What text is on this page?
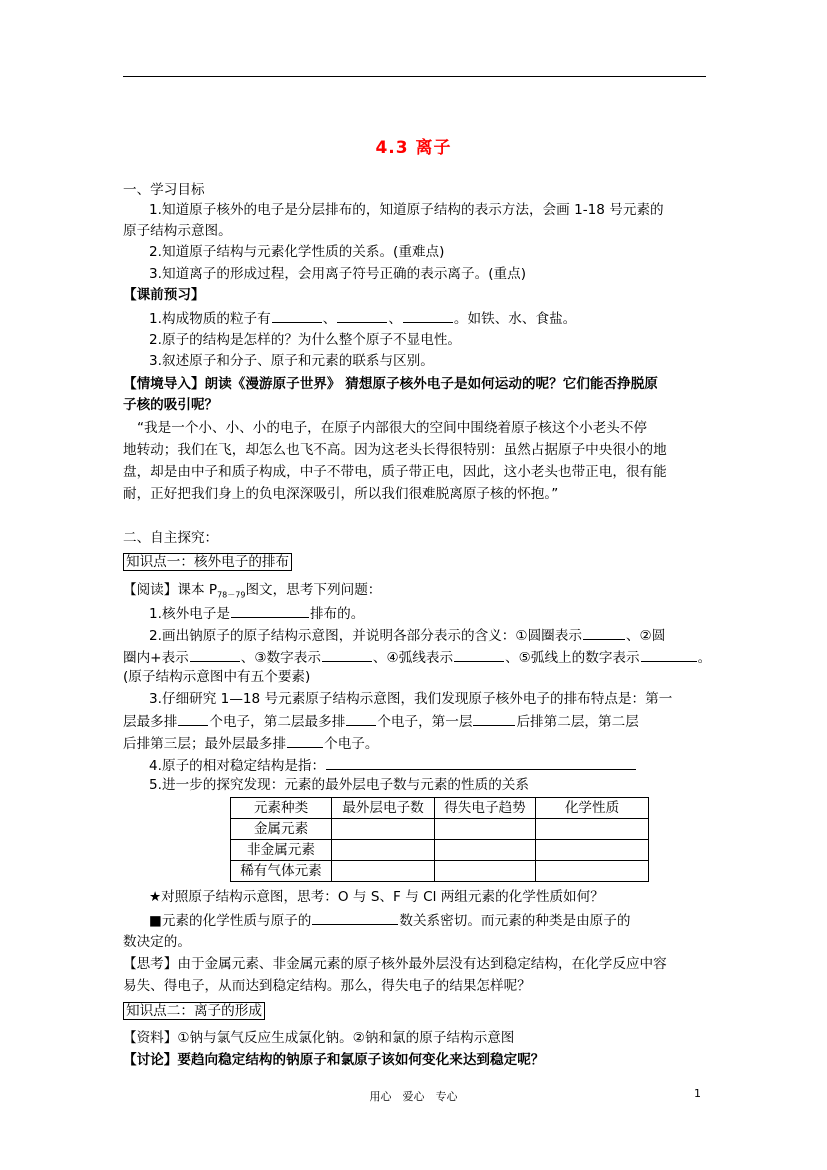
4.3 离子
一、学习目标
1.知道原子核外的电子是分层排布的，知道原子结构的表示方法，会画 1-18 号元素的
原子结构示意图。
2.知道原子结构与元素化学性质的关系。(重难点)
3.知道离子的形成过程，会用离子符号正确的表示离子。(重点)
【课前预习】
1.构成物质的粒子有	、	、	。如铁、水、食盐。
2.原子的结构是怎样的？为什么整个原子不显电性。
3.叙述原子和分子、原子和元素的联系与区别。
【情境导入】朗读《漫游原子世界》 猜想原子核外电子是如何运动的呢？它们能否挣脱原
子核的吸引呢？
“我是一个小、小、小的电子，在原子内部很大的空间中围绕着原子核这个小老头不停
地转动；我们在飞，却怎么也飞不高。因为这老头长得很特别：虽然占据原子中央很小的地
盘，却是由中子和质子构成，中子不带电，质子带正电，因此，这小老头也带正电，很有能
耐，正好把我们身上的负电深深吸引，所以我们很难脱离原子核的怀抱。”
二、自主探究：
知识点一：核外电子的排布
【阅读】课本 $P_{78-79}$图文，思考下列问题：
1.核外电子是	排布的。
2.画出钠原子的原子结构示意图，并说明各部分表示的含义：①圆圈表示	、②圆
圈内+表示	、③数字表示	、④弧线表示	、⑤弧线上的数字表示	。
(原子结构示意图中有五个要素)
3.仔细研究 1—18 号元素原子结构示意图，我们发现原子核外电子的排布特点是：第一
层最多排 个电子，第二层最多排 个电子，第一层	后排第二层，第二层
后排第三层；最外层最多排	个电子。
4.原子的相对稳定结构是指：
5.进一步的探究发现：元素的最外层电子数与元素的性质的关系
元素种类	最外层电子数	得失电子趋势	化学性质
金属元素			
非金属元素			
稀有气体元素			
★对照原子结构示意图，思考：O 与 S、F 与 Cl 两组元素的化学性质如何？
■元素的化学性质与原子的	数关系密切。而元素的种类是由原子的
数决定的。
【思考】由于金属元素、非金属元素的原子核外最外层没有达到稳定结构，在化学反应中容
易失、得电子，从而达到稳定结构。那么，得失电子的结果怎样呢？
知识点二：离子的形成
【资料】①钠与氯气反应生成氯化钠。②钠和氯的原子结构示意图
【讨论】要趋向稳定结构的钠原子和氯原子该如何变化来达到稳定呢？
用心　爱心　专心	1
